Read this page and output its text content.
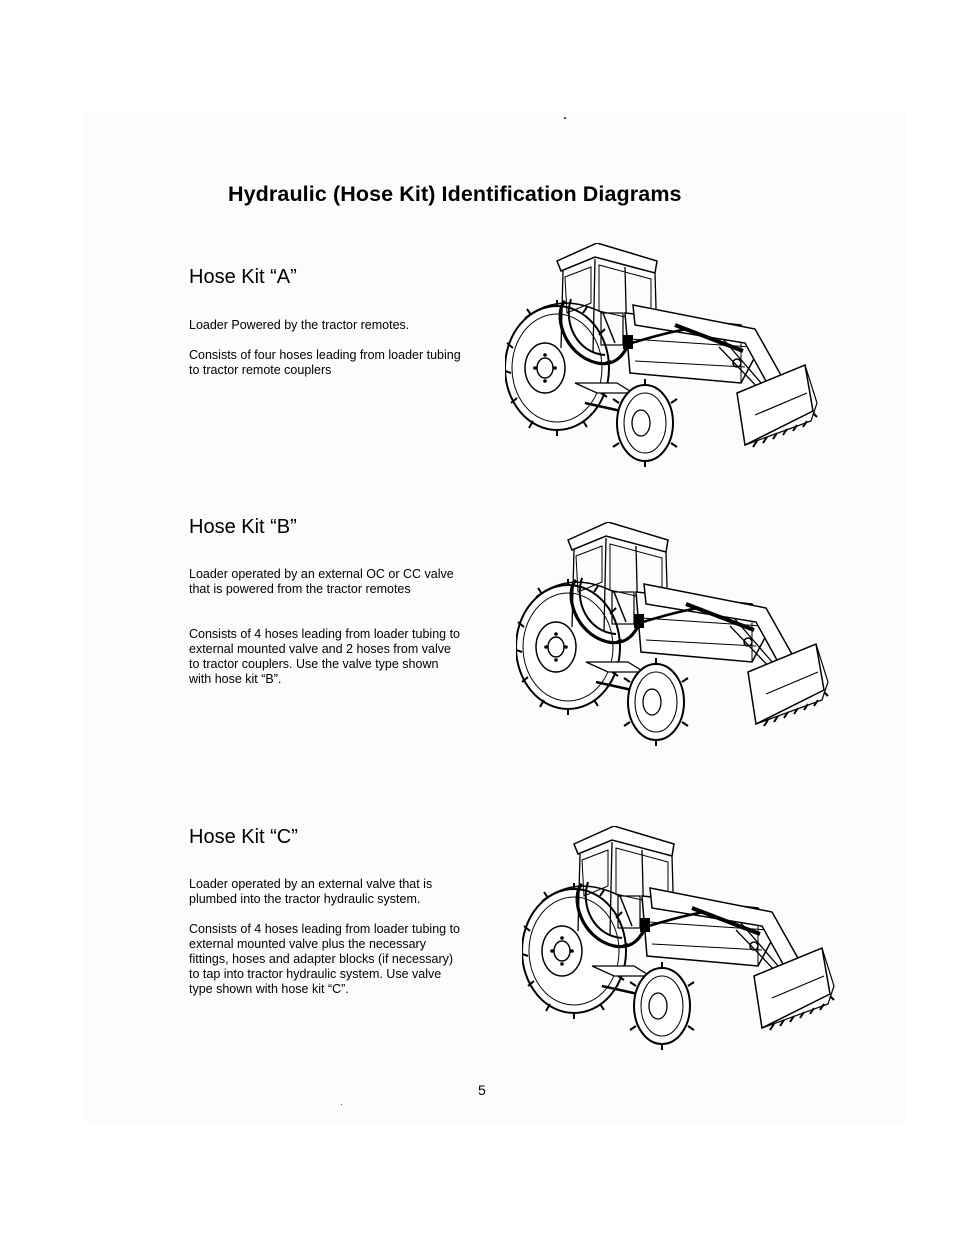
Hydraulic (Hose Kit) Identification Diagrams
Hose Kit “A”

Loader Powered by the tractor remotes.

Consists of four hoses leading from loader tubing to tractor remote couplers

Hose Kit “B”

Loader operated by an external OC or CC valve that is powered from the tractor remotes

Consists of 4 hoses leading from loader tubing to external mounted valve and 2 hoses from valve to tractor couplers. Use the valve type shown with hose kit “B”.

Hose Kit “C”

Loader operated by an external valve that is plumbed into the tractor hydraulic system.

Consists of 4 hoses leading from loader tubing to external mounted valve plus the necessary fittings, hoses and adapter blocks (if necessary) to tap into tractor hydraulic system. Use valve type shown with hose kit “C”.

5
